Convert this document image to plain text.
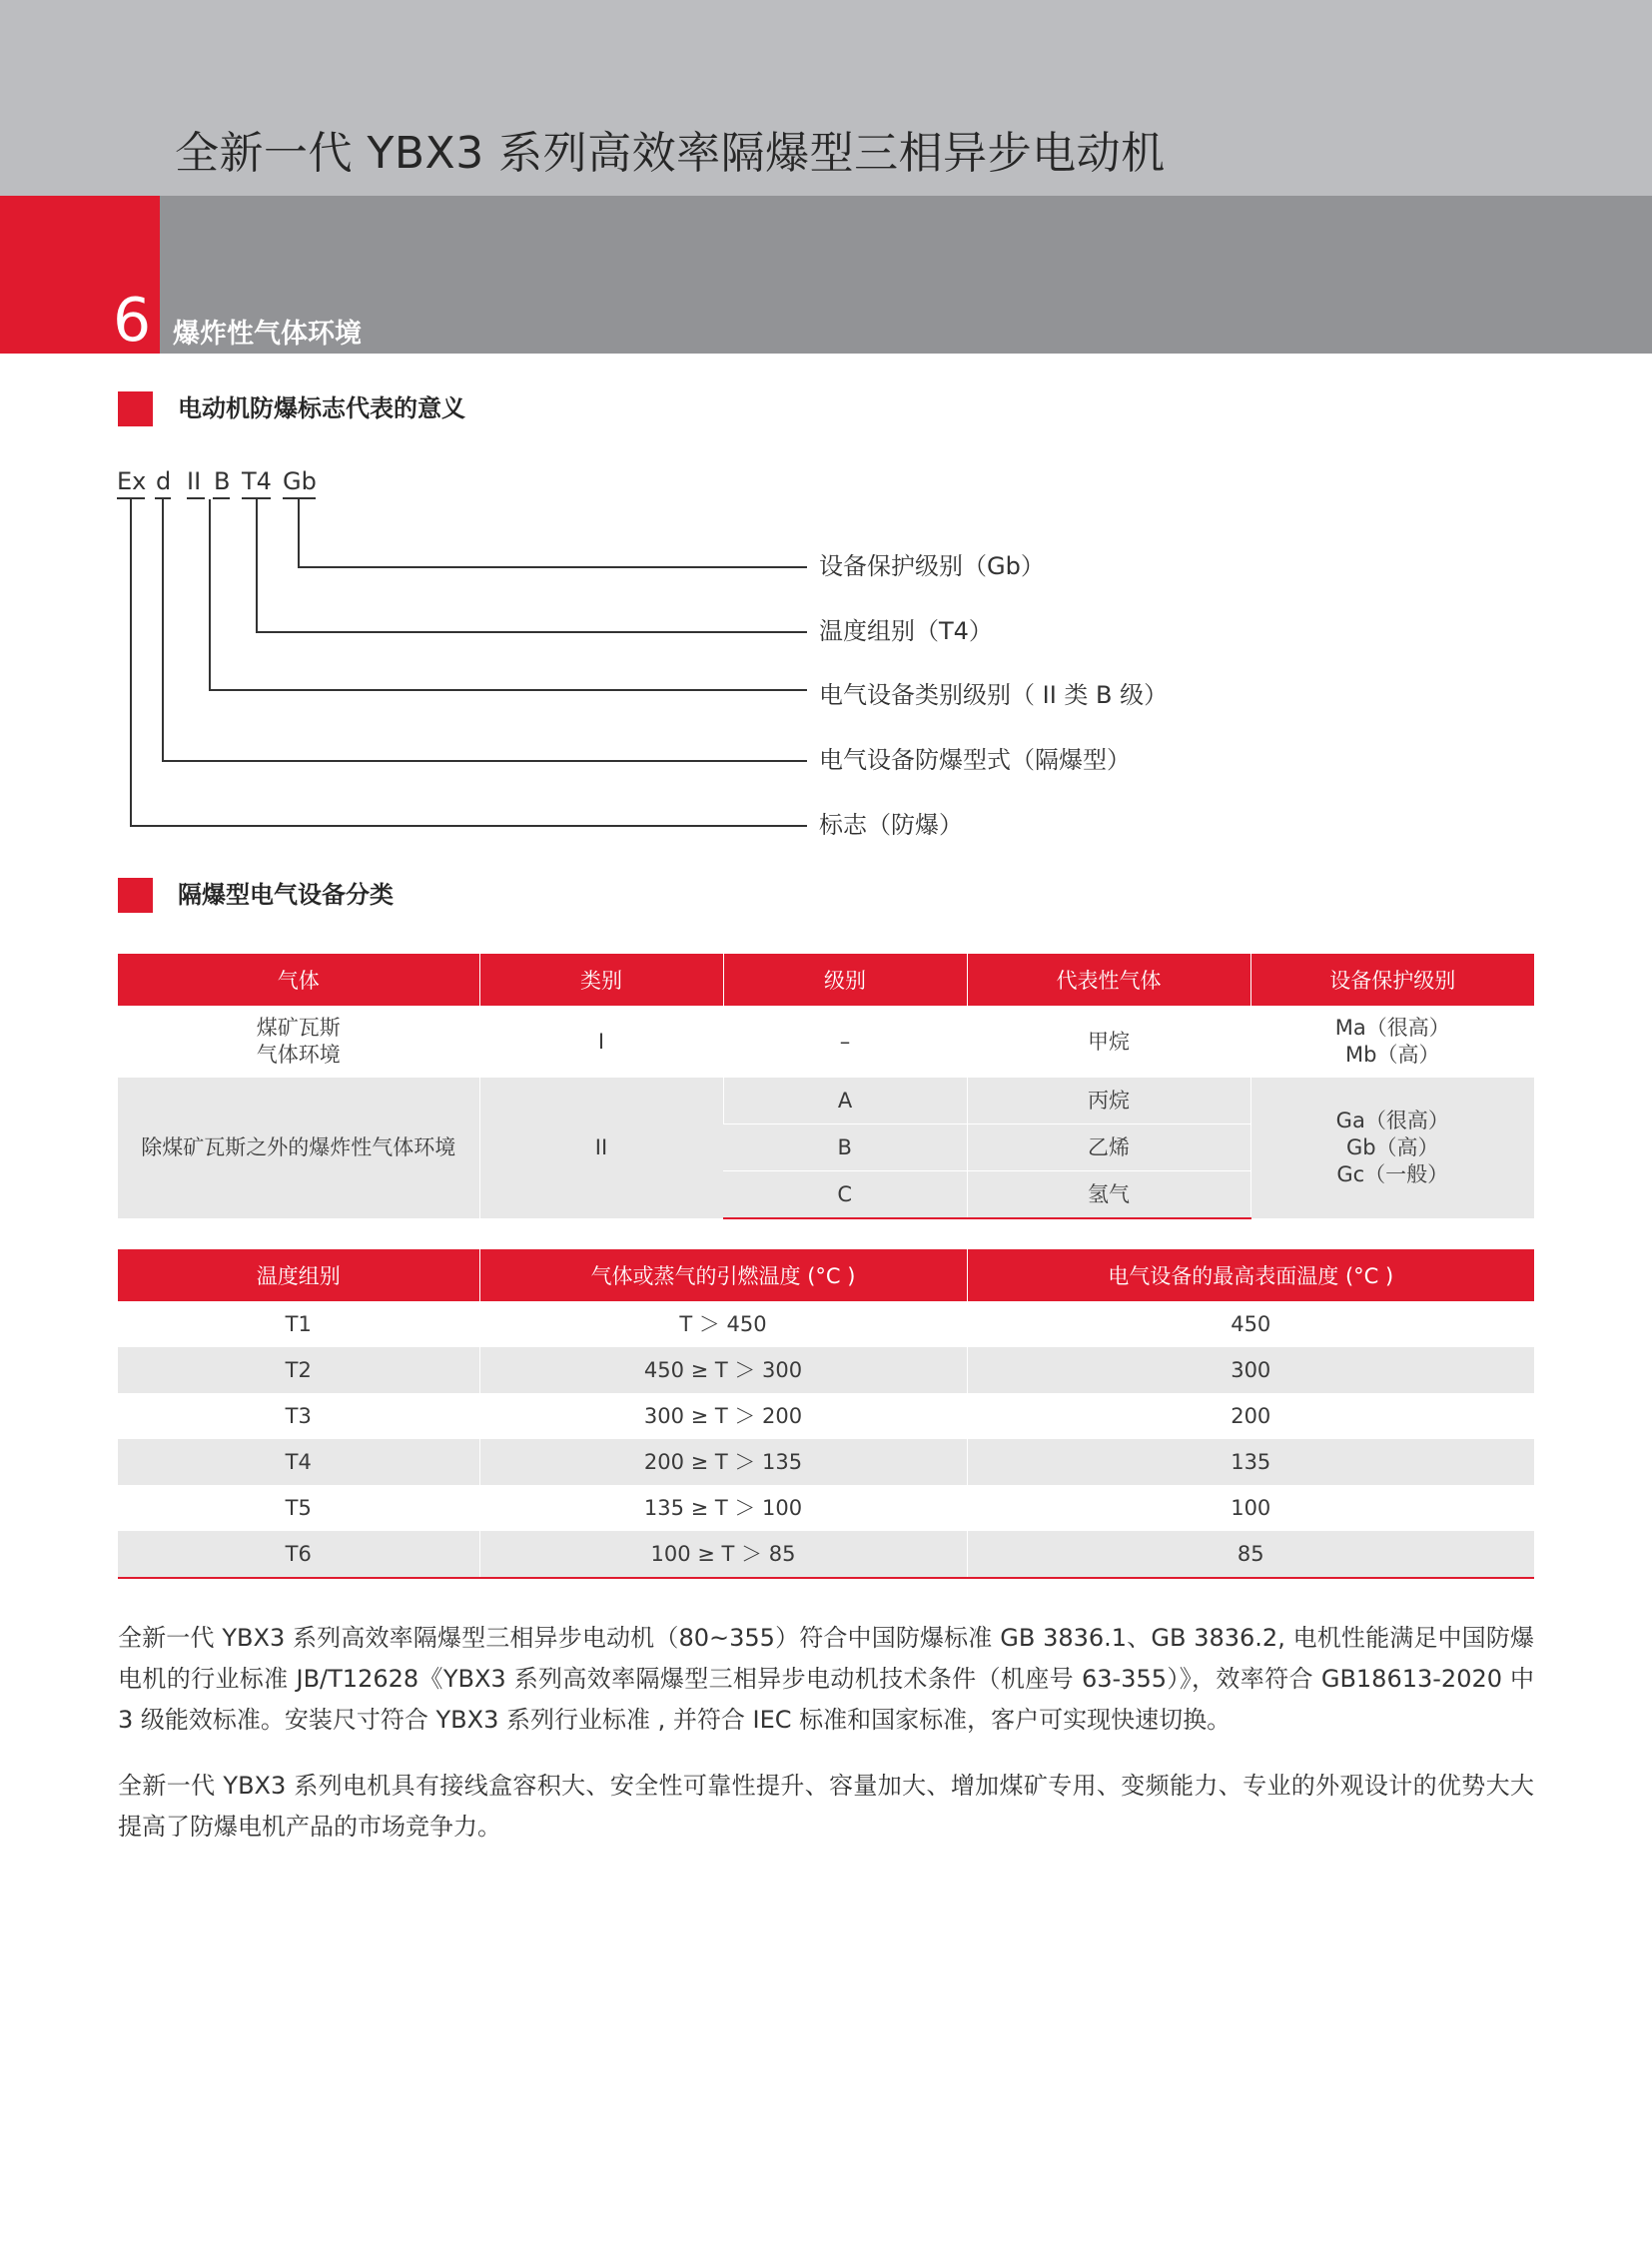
全新一代 YBX3 系列高效率隔爆型三相异步电动机
6 爆炸性气体环境
电动机防爆标志代表的意义
Ex d II B T4 Gb
设备保护级别（Gb）
温度组别（T4）
电气设备类别级别（ II 类 B 级）
电气设备防爆型式（隔爆型）
标志（防爆）
隔爆型电气设备分类
气体	类别	级别	代表性气体	设备保护级别
煤矿瓦斯
气体环境	I	–	甲烷	Ma（很高）
Mb（高）
除煤矿瓦斯之外的爆炸性气体环境	II	A	丙烷	Ga（很高）
Gb（高）
Gc（一般）
		B	乙烯	
		C	氢气	
温度组别	气体或蒸气的引燃温度 (°C )	电气设备的最高表面温度 (°C )
T1	T ＞ 450	450
T2	450 ≥ T ＞ 300	300
T3	300 ≥ T ＞ 200	200
T4	200 ≥ T ＞ 135	135
T5	135 ≥ T ＞ 100	100
T6	100 ≥ T ＞ 85	85

全新一代 YBX3 系列高效率隔爆型三相异步电动机（80~355）符合中国防爆标准 GB 3836.1、GB 3836.2, 电机性能满足中国防爆电机的行业标准 JB/T12628《YBX3 系列高效率隔爆型三相异步电动机技术条件（机座号 63-355）》，效率符合 GB18613-2020 中 3 级能效标准。安装尺寸符合 YBX3 系列行业标准 , 并符合 IEC 标准和国家标准，客户可实现快速切换。

全新一代 YBX3 系列电机具有接线盒容积大、安全性可靠性提升、容量加大、增加煤矿专用、变频能力、专业的外观设计的优势大大提高了防爆电机产品的市场竞争力。
